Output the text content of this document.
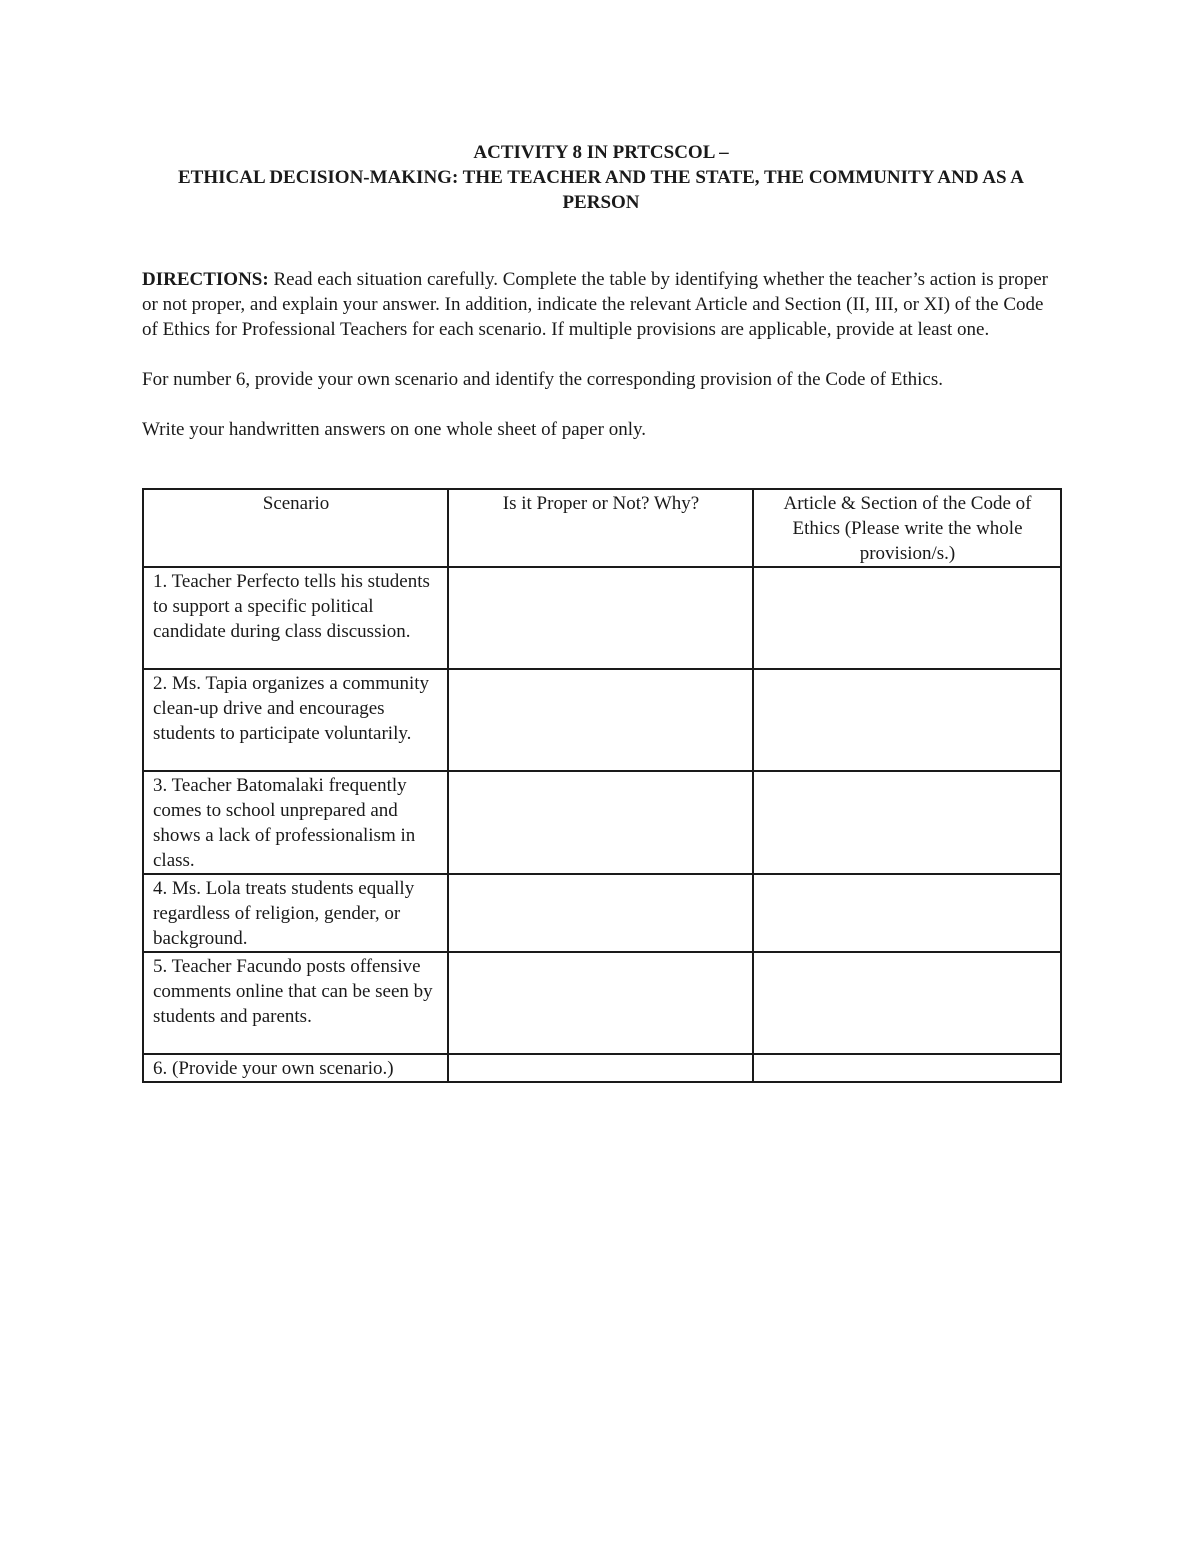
ACTIVITY 8 IN PRTCSCOL –

ETHICAL DECISION-MAKING: THE TEACHER AND THE STATE, THE COMMUNITY AND AS A PERSON

DIRECTIONS: Read each situation carefully. Complete the table by identifying whether the teacher’s action is proper or not proper, and explain your answer. In addition, indicate the relevant Article and Section (II, III, or XI) of the Code of Ethics for Professional Teachers for each scenario. If multiple provisions are applicable, provide at least one.
For number 6, provide your own scenario and identify the corresponding provision of the Code of Ethics.
Write your handwritten answers on one whole sheet of paper only.
Scenario	Is it Proper or Not? Why?	Article & Section of the Code of Ethics (Please write the whole provision/s.)
1. Teacher Perfecto tells his students to support a specific political candidate during class discussion.		
2. Ms. Tapia organizes a community clean-up drive and encourages students to participate voluntarily.		
3. Teacher Batomalaki frequently comes to school unprepared and shows a lack of professionalism in class.		
4. Ms. Lola treats students equally regardless of religion, gender, or background.		
5. Teacher Facundo posts offensive comments online that can be seen by students and parents.		
6. (Provide your own scenario.)		
